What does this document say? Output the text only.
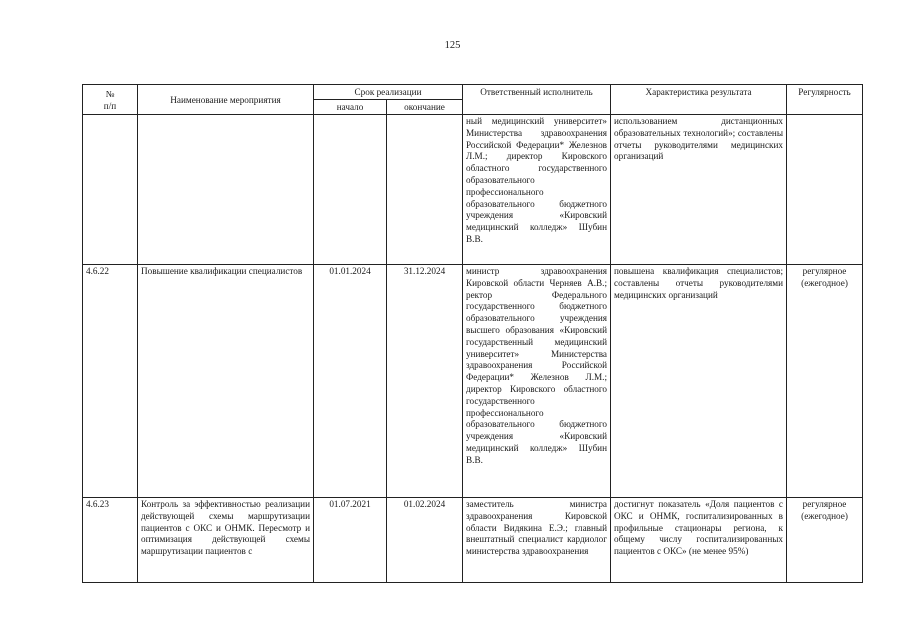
125
№
п/п	Наименование мероприятия	Срок реализации		Ответственный исполнитель	Характеристика результата	Регулярность
		начало	окончание			
				ный медицинский университет» Министерства здравоохранения Российской Федерации* Железнов Л.М.; директор Кировского областного государственного образовательного профессионального образовательного бюджетного учреждения «Кировский медицинский колледж» Шубин В.В.	использованием дистанционных образовательных технологий»; составлены отчеты руководителями медицинских организаций	
4.6.22	Повышение квалификации специалистов	01.01.2024	31.12.2024	министр здравоохранения Кировской области Черняев А.В.; ректор Федерального государственного бюджетного образовательного учреждения высшего образования «Кировский государственный медицинский университет» Министерства здравоохранения Российской Федерации* Железнов Л.М.; директор Кировского областного государственного профессионального образовательного бюджетного учреждения «Кировский медицинский колледж» Шубин В.В.	повышена квалификация специалистов; составлены отчеты руководителями медицинских организаций	регулярное (ежегодное)
4.6.23	Контроль за эффективностью реализации действующей схемы маршрутизации пациентов с ОКС и ОНМК. Пересмотр и оптимизация действующей схемы маршрутизации пациентов с	01.07.2021	01.02.2024	заместитель министра здравоохранения Кировской области Видякина Е.Э.; главный внештатный специалист кардиолог министерства здравоохранения	достигнут показатель «Доля пациентов с ОКС и ОНМК, госпитализированных в профильные стационары региона, к общему числу госпитализированных пациентов с ОКС» (не менее 95%)	регулярное (ежегодное)
